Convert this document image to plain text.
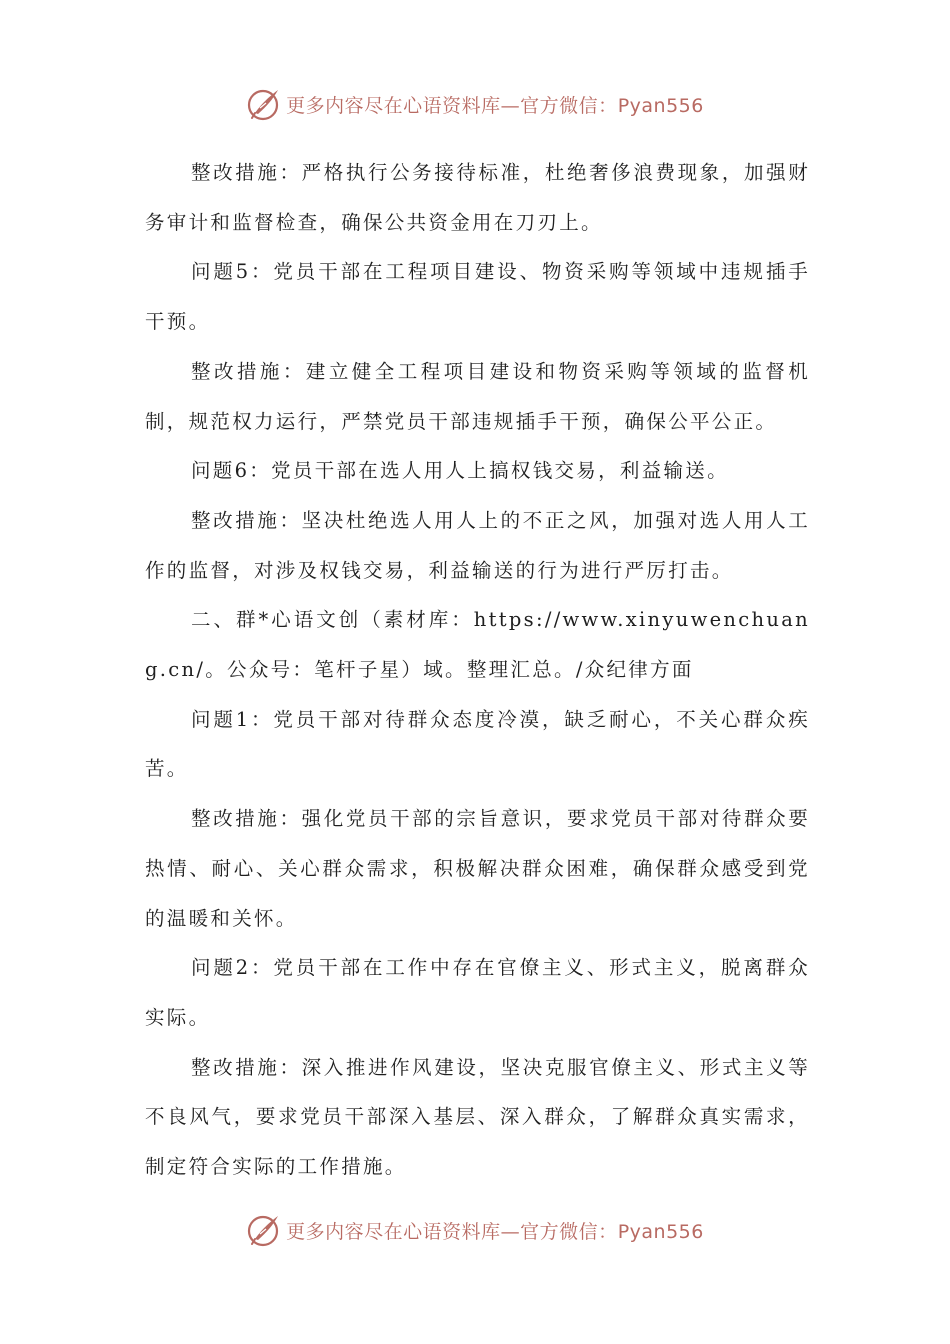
更多内容尽在心语资料库—官方微信：Pyan556

整改措施：严格执行公务接待标准，杜绝奢侈浪费现象，加强财务审计和监督检查，确保公共资金用在刀刃上。

问题5：党员干部在工程项目建设、物资采购等领域中违规插手干预。

整改措施：建立健全工程项目建设和物资采购等领域的监督机制，规范权力运行，严禁党员干部违规插手干预，确保公平公正。

问题6：党员干部在选人用人上搞权钱交易，利益输送。

整改措施：坚决杜绝选人用人上的不正之风，加强对选人用人工作的监督，对涉及权钱交易，利益输送的行为进行严厉打击。

二、群*心语文创（素材库：https://www.xinyuwenchuang.cn/。公众号：笔杆子星）域。整理汇总。/众纪律方面

问题1：党员干部对待群众态度冷漠，缺乏耐心，不关心群众疾苦。

整改措施：强化党员干部的宗旨意识，要求党员干部对待群众要热情、耐心、关心群众需求，积极解决群众困难，确保群众感受到党的温暖和关怀。

问题2：党员干部在工作中存在官僚主义、形式主义，脱离群众实际。

整改措施：深入推进作风建设，坚决克服官僚主义、形式主义等不良风气，要求党员干部深入基层、深入群众，了解群众真实需求，制定符合实际的工作措施。

更多内容尽在心语资料库—官方微信：Pyan556
